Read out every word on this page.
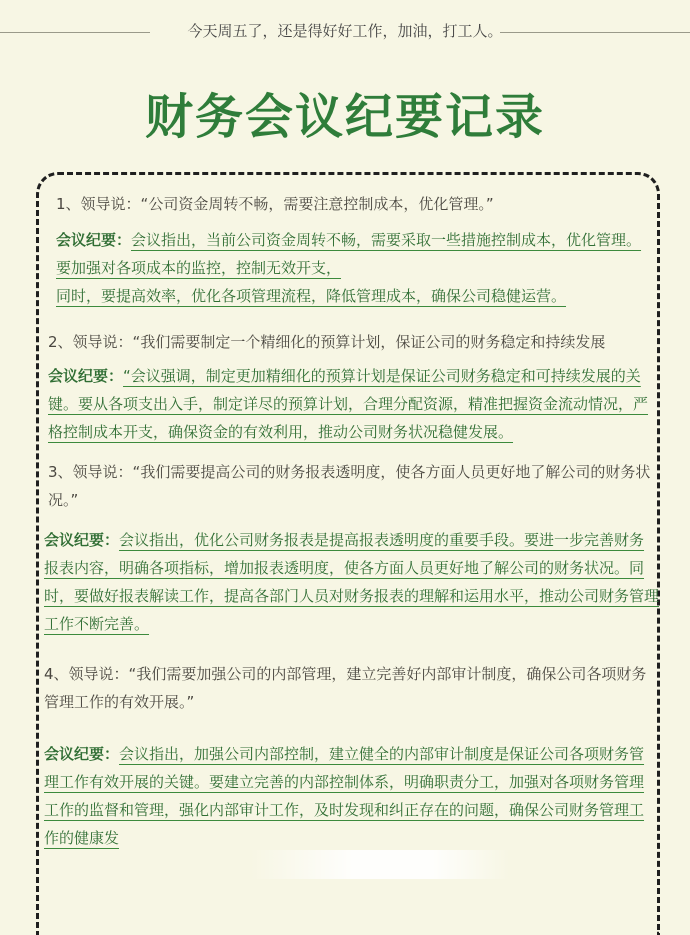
今天周五了，还是得好好工作，加油，打工人。
财务会议纪要记录

1、领导说：“公司资金周转不畅，需要注意控制成本，优化管理。”

会议纪要：会议指出，当前公司资金周转不畅，需要采取一些措施控制成本，优化管理。要加强对各项成本的监控，控制无效开支，
同时，要提高效率，优化各项管理流程，降低管理成本，确保公司稳健运营。

2、领导说：“我们需要制定一个精细化的预算计划，保证公司的财务稳定和持续发展

会议纪要：“会议强调，制定更加精细化的预算计划是保证公司财务稳定和可持续发展的关键。要从各项支出入手，制定详尽的预算计划，合理分配资源，精准把握资金流动情况，严格控制成本开支，确保资金的有效利用，推动公司财务状况稳健发展。

3、领导说：“我们需要提高公司的财务报表透明度，使各方面人员更好地了解公司的财务状况。”

会议纪要：会议指出，优化公司财务报表是提高报表透明度的重要手段。要进一步完善财务报表内容，明确各项指标，增加报表透明度，使各方面人员更好地了解公司的财务状况。同时，要做好报表解读工作，提高各部门人员对财务报表的理解和运用水平，推动公司财务管理工作不断完善。

4、领导说：“我们需要加强公司的内部管理，建立完善好内部审计制度，确保公司各项财务管理工作的有效开展。”

会议纪要：会议指出，加强公司内部控制，建立健全的内部审计制度是保证公司各项财务管理工作有效开展的关键。要建立完善的内部控制体系，明确职责分工，加强对各项财务管理工作的监督和管理，强化内部审计工作，及时发现和纠正存在的问题，确保公司财务管理工作的健康发
